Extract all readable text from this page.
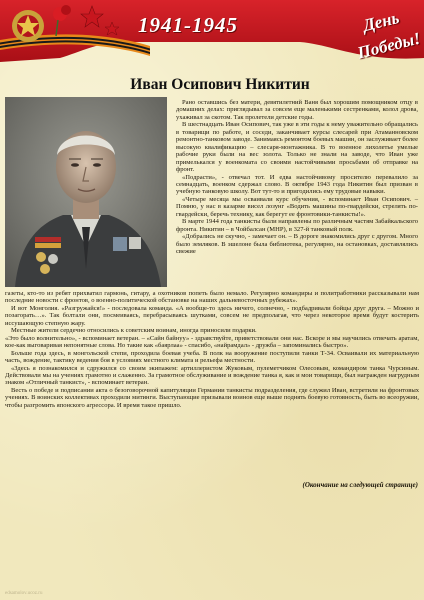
1941-1945	День
Победы!
Иван Осипович Никитин

Рано оставшись без матери, девятилетний Ваня был хорошим помощником отцу в домашних делах: приглядывал за совсем еще маленькими сестренками, колол дрова, ухаживал за скотом. Так пролетели детские годы.

В шестнадцать Иван Осипович, так уже в эти годы к нему уважительно обращались в товарищи по работе, и соседи, заканчивает курсы слесарей при Атаманновском ремонтно-танковом заводе. Занимаясь ремонтом боевых машин, он заслуживает более высокую квалификацию – слесаря-монтажника. В то военное лихолетье умелые рабочие руки были на вес золота. Только не знали на заводе, что Иван уже примелькался у военкомата со своими настойчивыми просьбами об отправке на фронт.

«Подрасти», - отвечал тот. И едва настойчивому просителю перевалило за семнадцать, военком сдержал слово. В октябре 1943 года Никитин был призван в учебную танковую школу. Вот тут-то и пригодились ему трудовые навыки.

«Четыре месяца мы осваивали курс обучения, - вспоминает Иван Осипович. – Помню, у нас в казарме висел лозунг «Водить машины по-гвардейски, стрелять по-гвардейски, беречь технику, как берегут ее фронтовики-танкисты!».

В марте 1944 года танкисты были направлены по различным частям Забайкальского фронта. Никитин – в Чойбалсан (МНР), в 327-й танковый полк.

«Добрались не скучно, - замечает он. – В дороге знакомились друг с другом. Много было земляков. В эшелоне была библиотека, регулярно, на остановках, доставлялись свежие

газеты, кто-то из ребят прихватил гармонь, гитару, а охотников попеть было немало. Регулярно командиры и политработники рассказывали нам последние новости с фронтов, о военно-политической обстановке на наших дальневосточных рубежах».

И вот Монголия. «Разгружайся!» - последовала команда. «А вообще-то здесь ничего, солнечно, - подбадривали бойцы друг друга. – Можно и позагорать…». Так болтали они, посмеиваясь, перебрасываясь шутками, совсем не предполагая, что через некоторое время будут костерить иссушающую степную жару.

Местные жители сердечно относились к советским воинам, иногда приносили подарки.

«Это было волнительно», - вспоминает ветеран. – «Сайн байнуу» - здравствуйте, приветствовали они нас. Вскоре и мы научились отвечать аратам, кое-как выговаривая непонятные слова. Но такие как «баярлаа» - спасибо, «найрамдал» - дружба – запоминались быстро».

Больше года здесь, в монгольской степи, проходила боевая учеба. В полк на вооружение поступили танки Т-34. Осваивали их материальную часть, вождение, тактику ведения боя в условиях местного климата и рельефа местности.

«Здесь я познакомился и сдружился со своим экипажем: артиллеристом Жуковым, пулеметчиком Олесовым, командиром танка Чурсиным. Действовали мы на учениях грамотно и слаженно. За грамотное обслуживание и вождение танка я, как и мои товарищи, был награжден нагрудным знаком «Отличный танкист», - вспоминает ветеран.

Весть о победе и подписании акта о безоговорочной капитуляции Германии танкисты подразделения, где служил Иван, встретили на фронтовых учениях. В воинских коллективах проходили митинги. Выступающие призывали воинов еще выше поднять боевую готовность, быть во всеоружии, чтобы разгромить японского агрессора. И время такое пришло.

(Окончание на следующей странице)
edsamolov.ucoz.ru
